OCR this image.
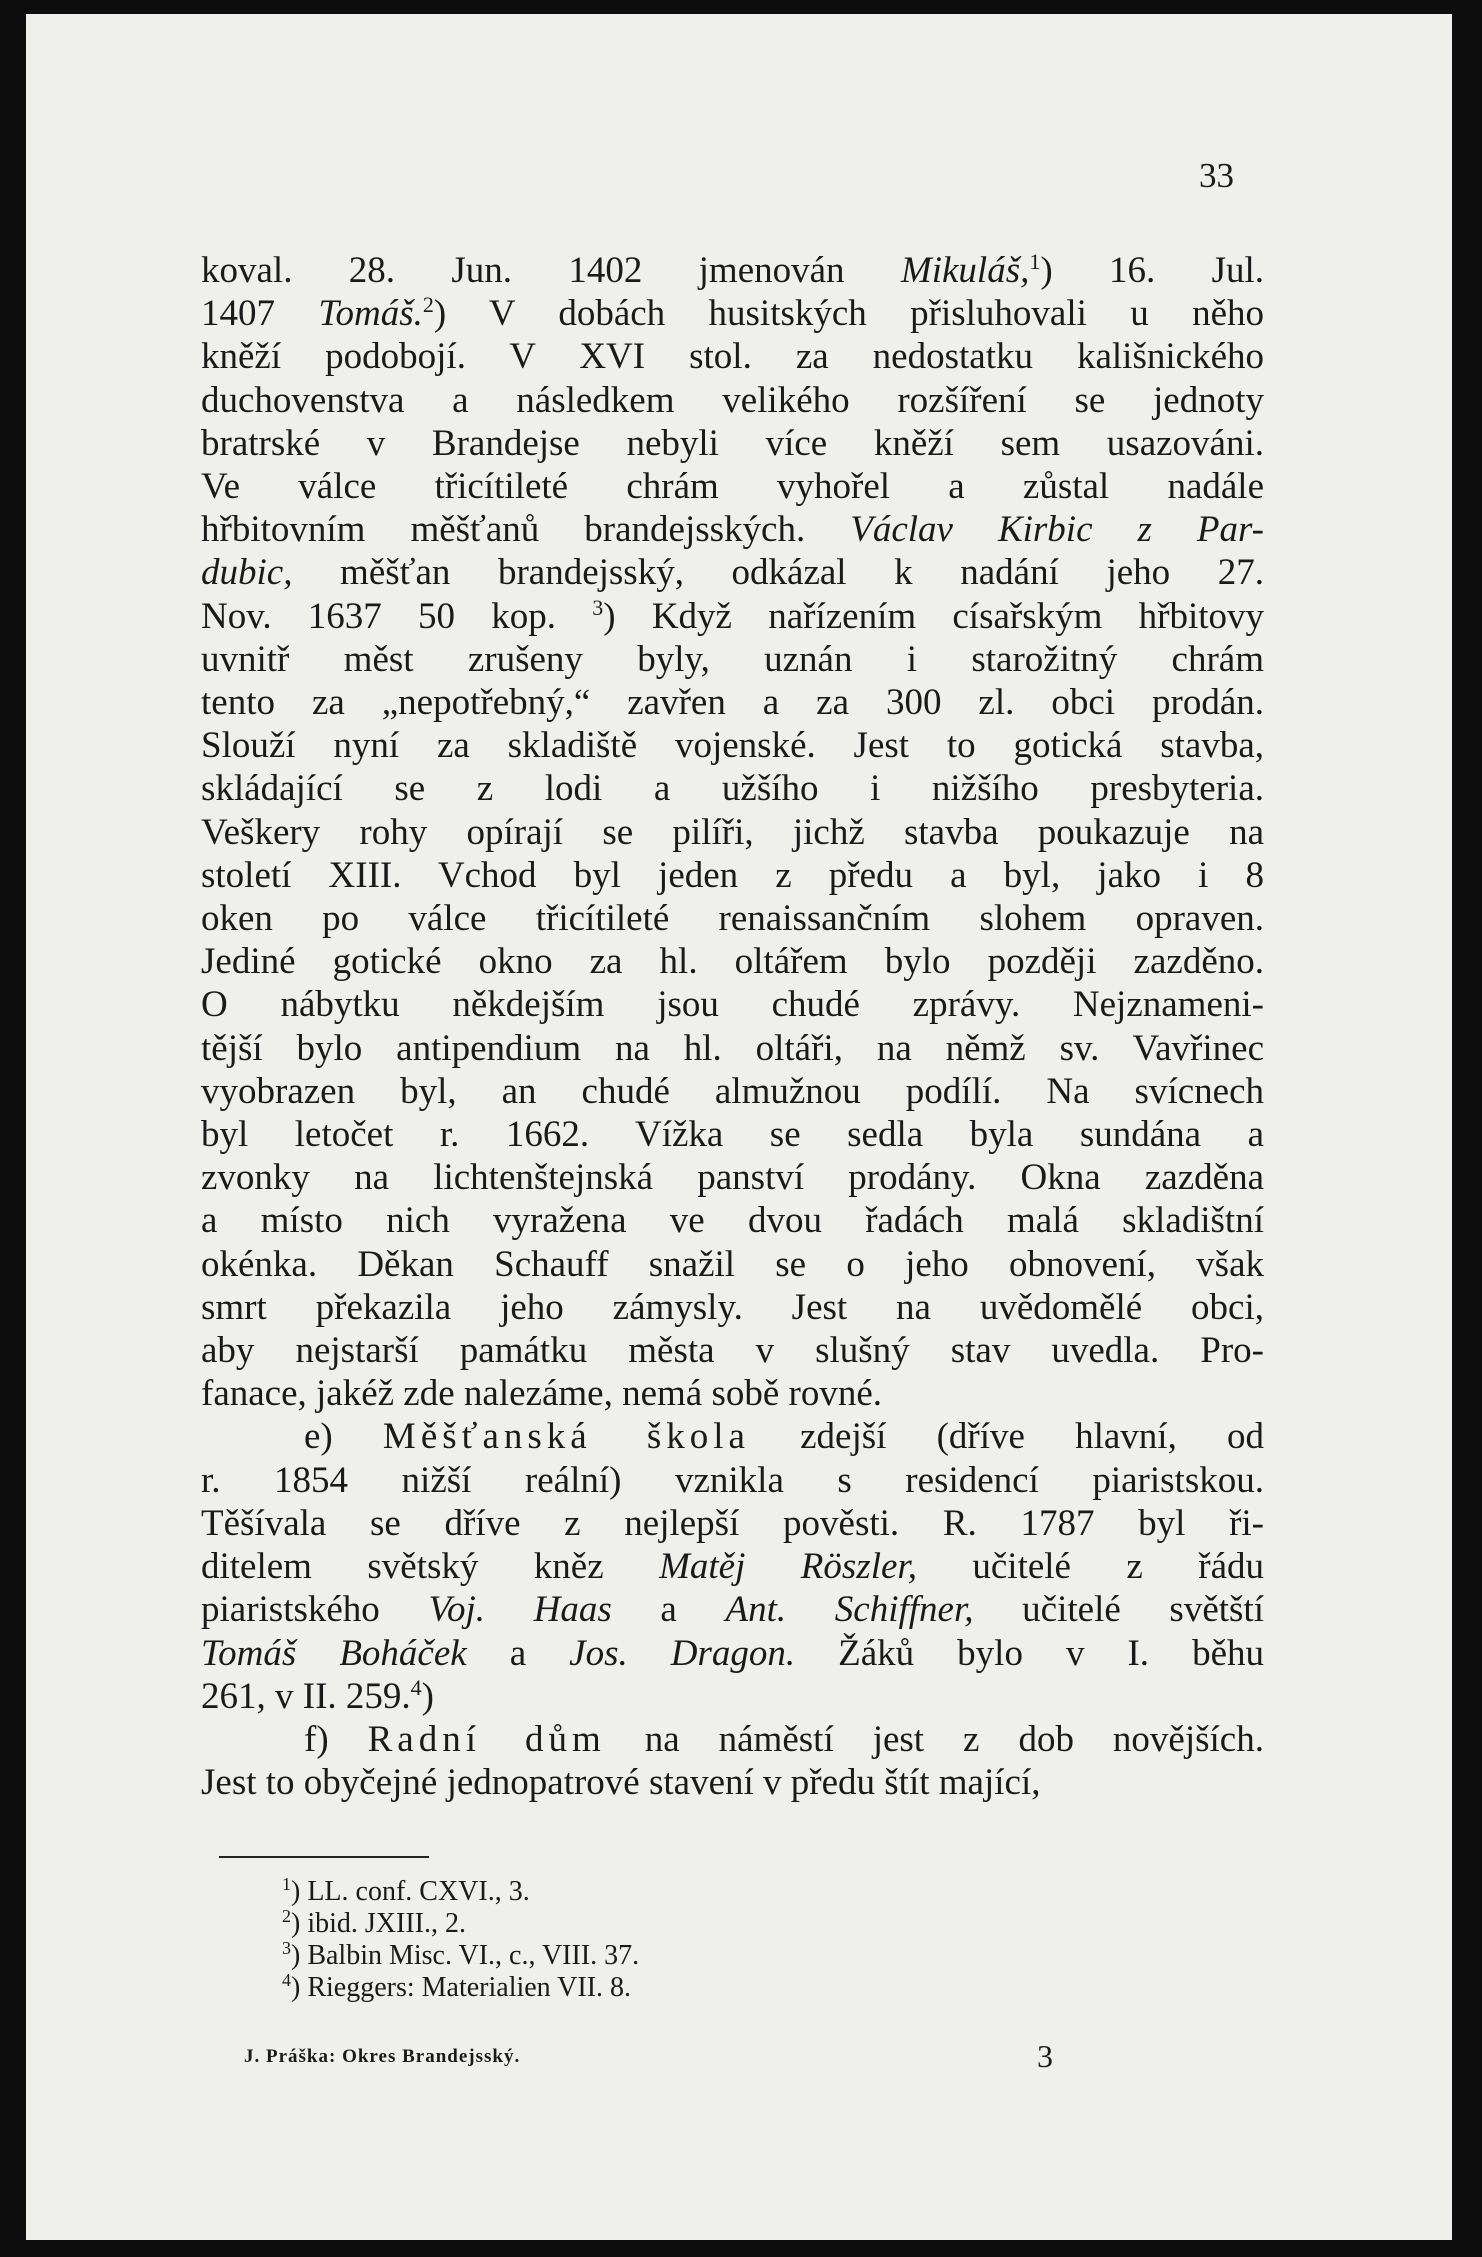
33

koval. 28. Jun. 1402 jmenován Mikuláš,$^1$) 16. Jul.
1407 Tomáš.$^2$) V dobách husitských přisluhovali u něho
kněží podobojí. V XVI stol. za nedostatku kališnického
duchovenstva a následkem velikého rozšíření se jednoty
bratrské v Brandejse nebyli více kněží sem usazováni.
Ve válce třicítileté chrám vyhořel a zůstal nadále
hřbitovním měšťanů brandejsských. Václav Kirbic z Par-
dubic, měšťan brandejsský, odkázal k nadání jeho 27.
Nov. 1637 50 kop. $^3$) Když nařízením císařským hřbitovy
uvnitř měst zrušeny byly, uznán i starožitný chrám
tento za „nepotřebný,“ zavřen a za 300 zl. obci prodán.
Slouží nyní za skladiště vojenské. Jest to gotická stavba,
skládající se z lodi a užšího i nižšího presbyteria.
Veškery rohy opírají se pilíři, jichž stavba poukazuje na
století XIII. Vchod byl jeden z předu a byl, jako i 8
oken po válce třicítileté renaissančním slohem opraven.
Jediné gotické okno za hl. oltářem bylo později zazděno.
O nábytku někdejším jsou chudé zprávy. Nejznameni-
tější bylo antipendium na hl. oltáři, na němž sv. Vavřinec
vyobrazen byl, an chudé almužnou podílí. Na svícnech
byl letočet r. 1662. Vížka se sedla byla sundána a
zvonky na lichtenštejnská panství prodány. Okna zazděna
a místo nich vyražena ve dvou řadách malá skladištní
okénka. Děkan Schauff snažil se o jeho obnovení, však
smrt překazila jeho zámysly. Jest na uvědomělé obci,
aby nejstarší památku města v slušný stav uvedla. Pro-
fanace, jakéž zde nalezáme, nemá sobě rovné.
e) Měšťanská škola zdejší (dříve hlavní, od
r. 1854 nižší reální) vznikla s residencí piaristskou.
Těšívala se dříve z nejlepší pověsti. R. 1787 byl ři-
ditelem světský kněz Matěj Röszler, učitelé z řádu
piaristského Voj. Haas a Ant. Schiffner, učitelé světští
Tomáš Boháček a Jos. Dragon. Žáků bylo v I. běhu
261, v II. 259.$^4$)
f) Radní dům na náměstí jest z dob novějších.
Jest to obyčejné jednopatrové stavení v předu štít mající,
$^1$) LL. conf. CXVI., 3.
$^2$) ibid. JXIII., 2.
$^3$) Balbin Misc. VI., c., VIII. 37.
$^4$) Rieggers: Materialien VII. 8.
J. Práška: Okres Brandejsský.	3
